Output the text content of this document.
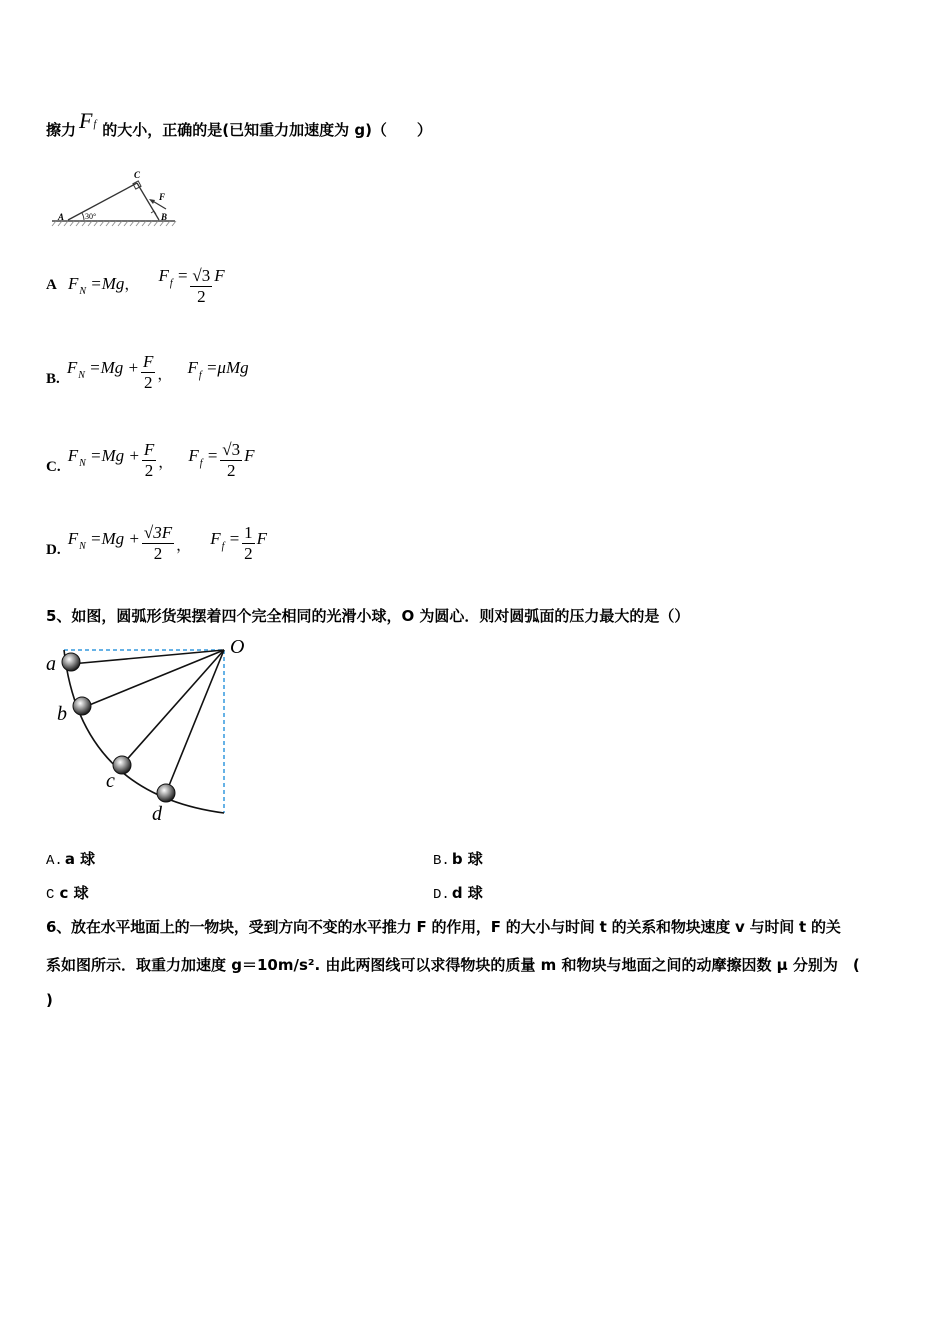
擦力 Ff 的大小，正确的是(已知重力加速度为 g)（　　）
A
C
B
F
30°
A $F_N =Mg$， $F_f = \frac{√3}{2}$ F
B. $F_N =Mg + \frac{F}{2}$ ， $F_f =\mu Mg$
C. $F_N =Mg + \frac{F}{2}$ ， $F_f = \frac{√3}{2}$ F
D. $F_N =Mg + \frac{√3F}{2}$ ， $F_f = \frac{1}{2}$ F
5、如图，圆弧形货架摆着四个完全相同的光滑小球，O 为圆心．则对圆弧面的压力最大的是（）
O
a
b
c
d
A. a 球	B. b 球
C c 球	D. d 球
6、放在水平地面上的一物块，受到方向不变的水平推力 F 的作用，F 的大小与时间 t 的关系和物块速度 v 与时间 t 的关
系如图所示．取重力加速度 g＝10m/s². 由此两图线可以求得物块的质量 m 和物块与地面之间的动摩擦因数 μ 分别为　(
)
